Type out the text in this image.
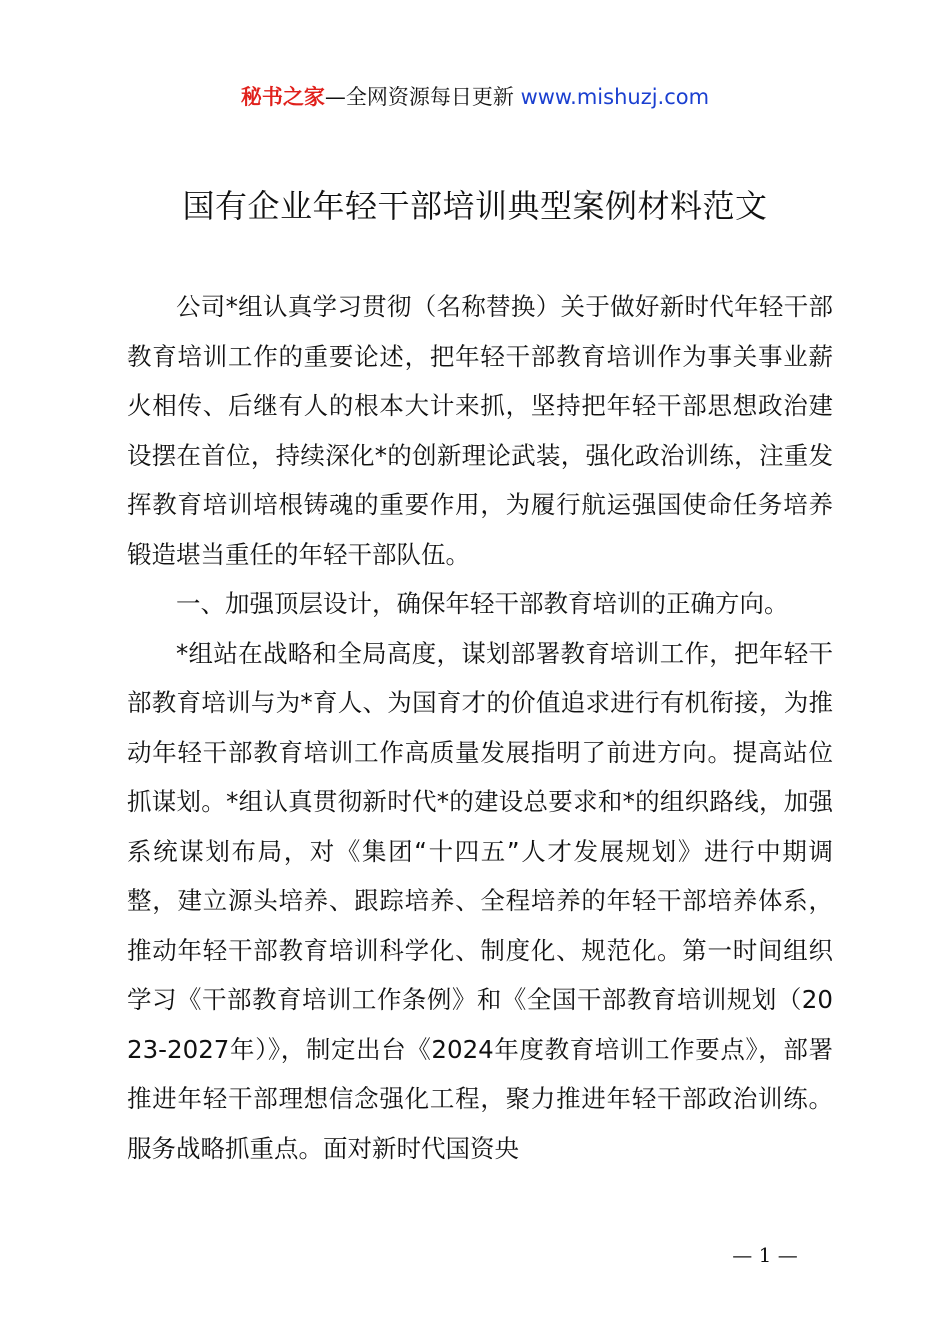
秘书之家—全网资源每日更新 www.mishuzj.com
国有企业年轻干部培训典型案例材料范文

公司*组认真学习贯彻（名称替换）关于做好新时代年轻干部教育培训工作的重要论述，把年轻干部教育培训作为事关事业薪火相传、后继有人的根本大计来抓，坚持把年轻干部思想政治建设摆在首位，持续深化*的创新理论武装，强化政治训练，注重发挥教育培训培根铸魂的重要作用，为履行航运强国使命任务培养锻造堪当重任的年轻干部队伍。

一、加强顶层设计，确保年轻干部教育培训的正确方向。

*组站在战略和全局高度，谋划部署教育培训工作，把年轻干部教育培训与为*育人、为国育才的价值追求进行有机衔接，为推动年轻干部教育培训工作高质量发展指明了前进方向。提高站位抓谋划。*组认真贯彻新时代*的建设总要求和*的组织路线，加强系统谋划布局，对《集团“十四五”人才发展规划》进行中期调整，建立源头培养、跟踪培养、全程培养的年轻干部培养体系，推动年轻干部教育培训科学化、制度化、规范化。第一时间组织学习《干部教育培训工作条例》和《全国干部教育培训规划（2023-2027年）》，制定出台《2024年度教育培训工作要点》，部署推进年轻干部理想信念强化工程，聚力推进年轻干部政治训练。服务战略抓重点。面对新时代国资央

— 1 —
